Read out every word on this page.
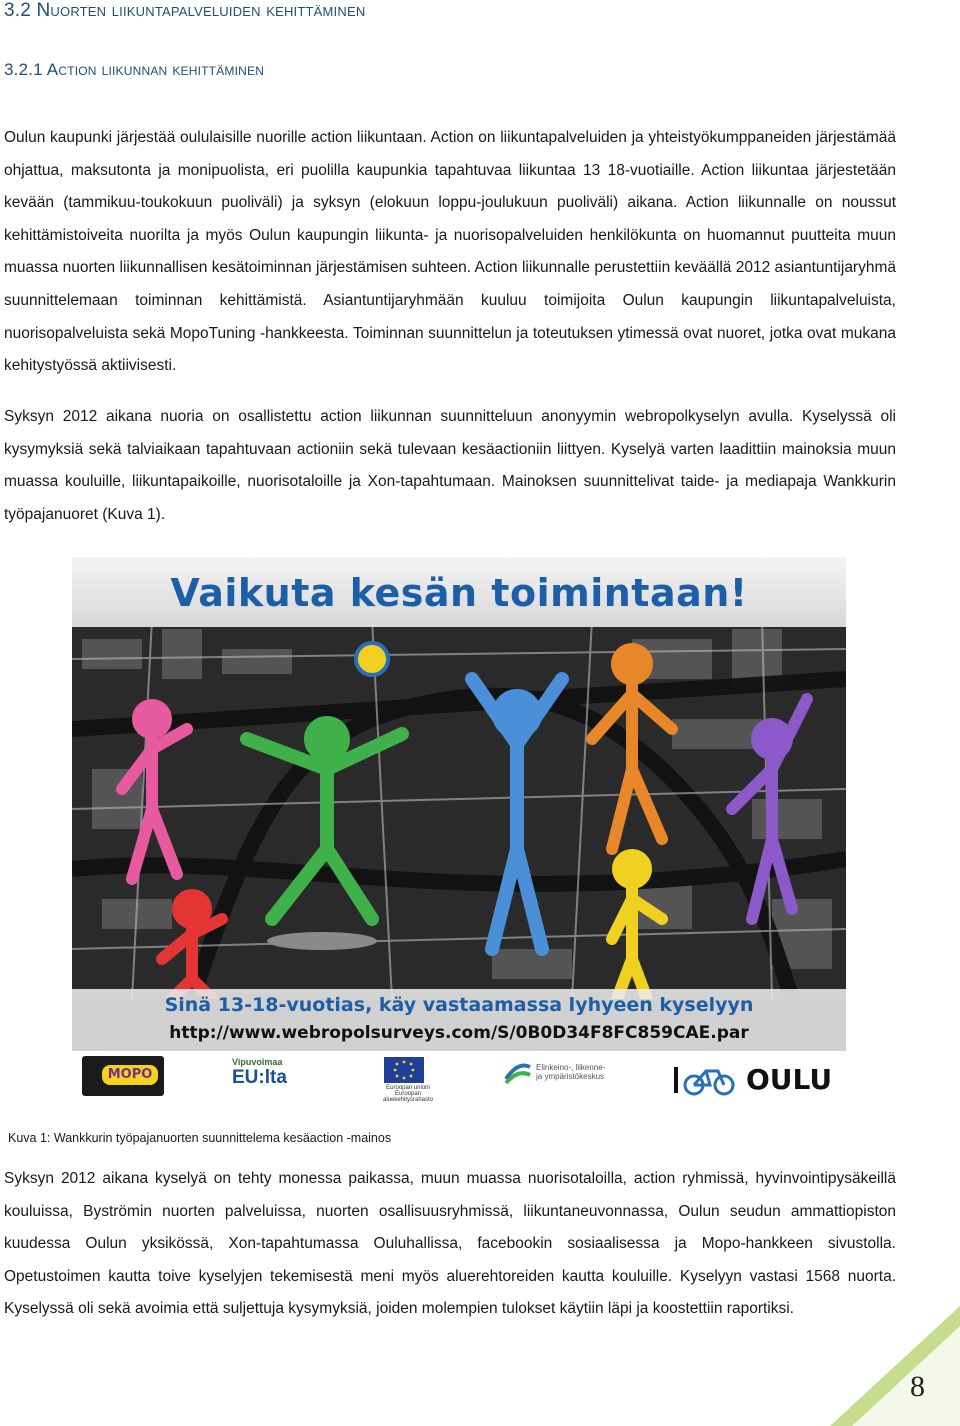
3.2 Nuorten liikuntapalveluiden kehittäminen
3.2.1 Action liikunnan kehittäminen

Oulun kaupunki järjestää oululaisille nuorille action liikuntaan. Action on liikuntapalveluiden ja yhteistyökumppaneiden järjestämää ohjattua, maksutonta ja monipuolista, eri puolilla kaupunkia tapahtuvaa liikuntaa 13 18-vuotiaille. Action liikuntaa järjestetään kevään (tammikuu-toukokuun puoliväli) ja syksyn (elokuun loppu-joulukuun puoliväli) aikana. Action liikunnalle on noussut kehittämistoiveita nuorilta ja myös Oulun kaupungin liikunta- ja nuorisopalveluiden henkilökunta on huomannut puutteita muun muassa nuorten liikunnallisen kesätoiminnan järjestämisen suhteen. Action liikunnalle perustettiin keväällä 2012 asiantuntijaryhmä suunnittelemaan toiminnan kehittämistä. Asiantuntijaryhmään kuuluu toimijoita Oulun kaupungin liikuntapalveluista, nuorisopalveluista sekä MopoTuning -hankkeesta. Toiminnan suunnittelun ja toteutuksen ytimessä ovat nuoret, jotka ovat mukana kehitystyössä aktiivisesti.

Syksyn 2012 aikana nuoria on osallistettu action liikunnan suunnitteluun anonyymin webropolkyselyn avulla. Kyselyssä oli kysymyksiä sekä talviaikaan tapahtuvaan actioniin sekä tulevaan kesäactioniin liittyen. Kyselyä varten laadittiin mainoksia muun muassa kouluille, liikuntapaikoille, nuorisotaloille ja Xon-tapahtumaan. Mainoksen suunnittelivat taide- ja mediapaja Wankkurin työpajanuoret (Kuva 1).

Vaikuta kesän toimintaan!
Sinä 13-18-vuotias, käy vastaamassa lyhyeen kyselyyn
http://www.webropolsurveys.com/S/0B0D34F8FC859CAE.par
MOPO
Vipuvoimaa
EU:lta	Euroopan unioni Euroopan aluekehitysrahasto
Elinkeino-, liikenne- ja ympäristökeskus	OULU
Kuva 1: Wankkurin työpajanuorten suunnittelema kesäaction -mainos

Syksyn 2012 aikana kyselyä on tehty monessa paikassa, muun muassa nuorisotaloilla, action ryhmissä, hyvinvointipysäkeillä kouluissa, Byströmin nuorten palveluissa, nuorten osallisuusryhmissä, liikuntaneuvonnassa, Oulun seudun ammattiopiston kuudessa Oulun yksikössä, Xon-tapahtumassa Ouluhallissa, facebookin sosiaalisessa ja Mopo-hankkeen sivustolla. Opetustoimen kautta toive kyselyjen tekemisestä meni myös aluerehtoreiden kautta kouluille. Kyselyyn vastasi 1568 nuorta. Kyselyssä oli sekä avoimia että suljettuja kysymyksiä, joiden molempien tulokset käytiin läpi ja koostettiin raportiksi.

8
